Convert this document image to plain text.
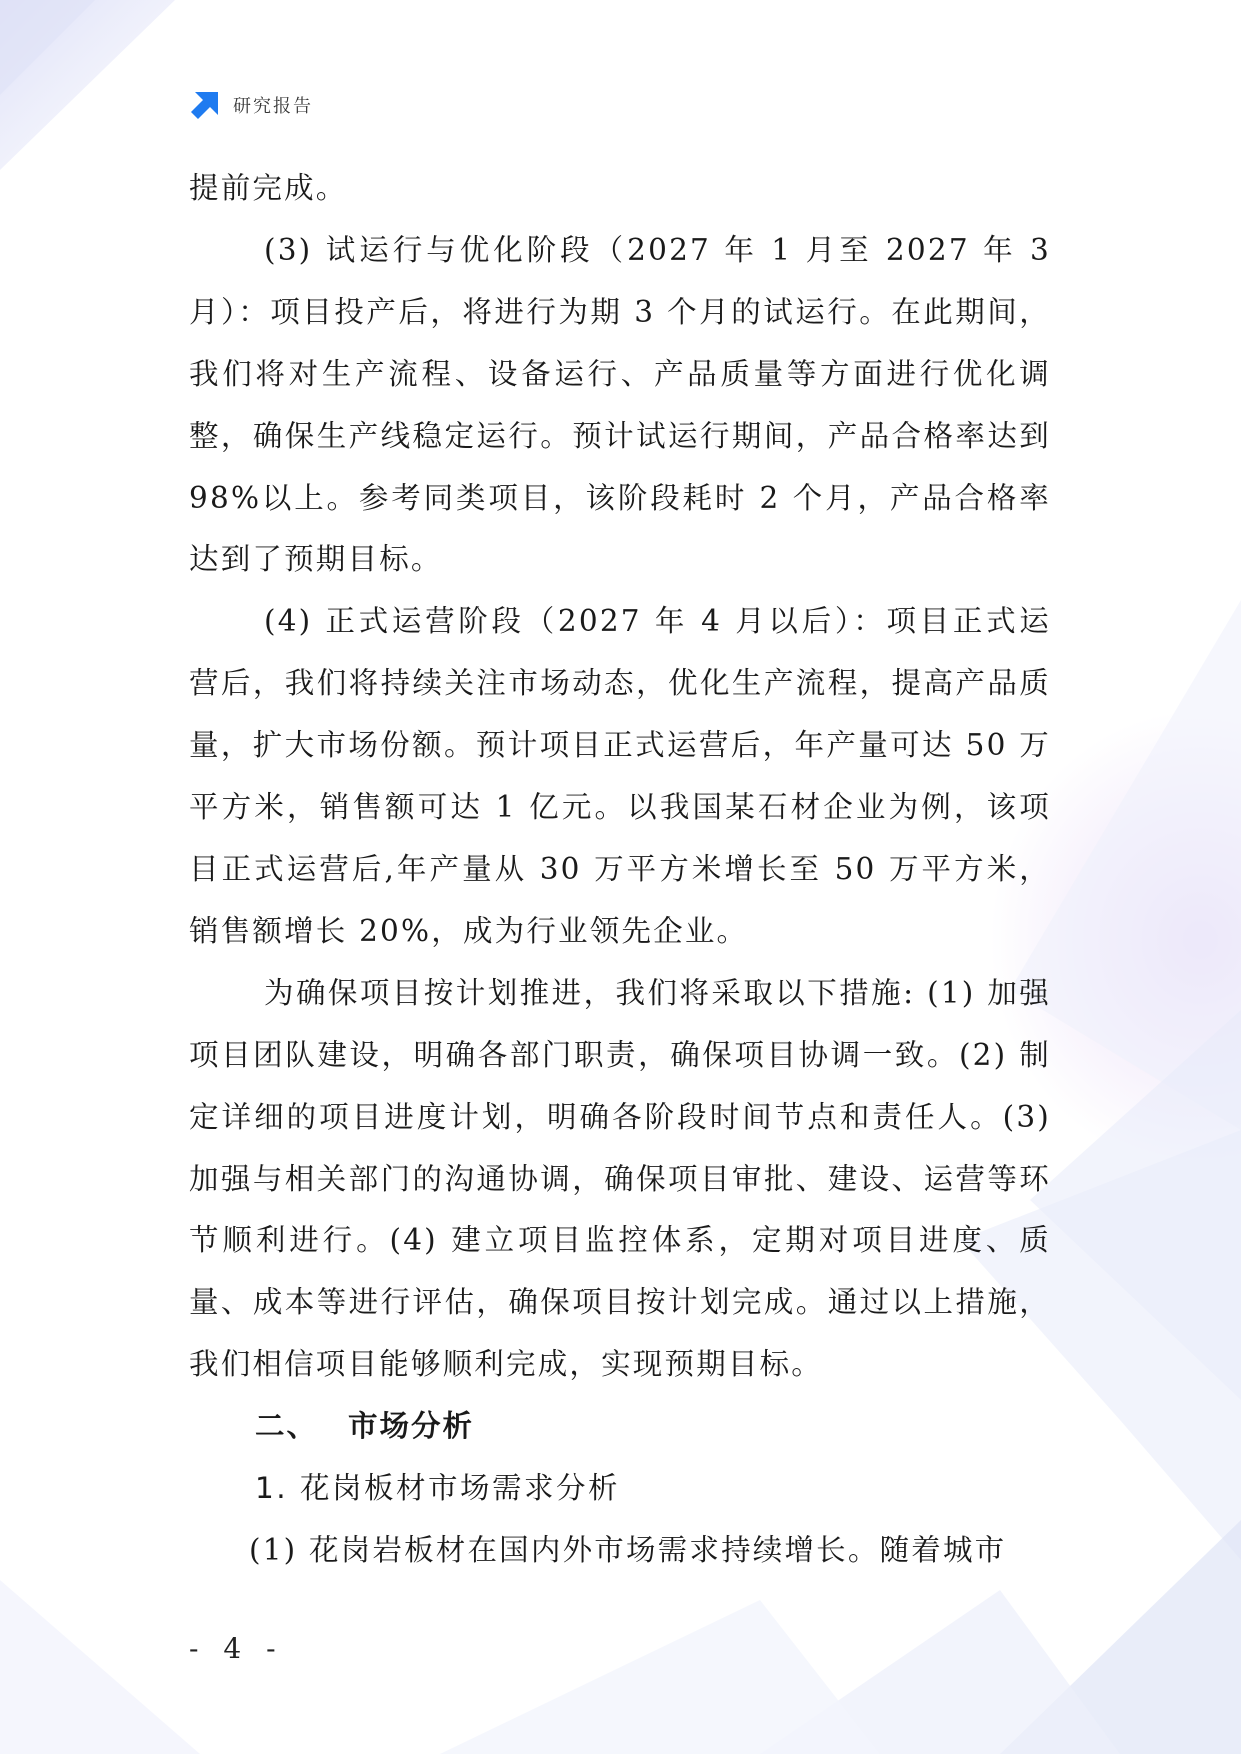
研究报告

提前完成。

(3) 试运行与优化阶段（2027 年 1 月至 2027 年 3 月）：项目投产后，将进行为期 3 个月的试运行。在此期间，我们将对生产流程、设备运行、产品质量等方面进行优化调整，确保生产线稳定运行。预计试运行期间，产品合格率达到 98%以上。参考同类项目，该阶段耗时 2 个月，产品合格率达到了预期目标。

(4) 正式运营阶段（2027 年 4 月以后）：项目正式运营后，我们将持续关注市场动态，优化生产流程，提高产品质量，扩大市场份额。预计项目正式运营后，年产量可达 50 万平方米，销售额可达 1 亿元。以我国某石材企业为例，该项目正式运营后,年产量从 30 万平方米增长至 50 万平方米，销售额增长 20%，成为行业领先企业。

为确保项目按计划推进，我们将采取以下措施: (1) 加强项目团队建设，明确各部门职责，确保项目协调一致。(2) 制定详细的项目进度计划，明确各阶段时间节点和责任人。(3) 加强与相关部门的沟通协调，确保项目审批、建设、运营等环节顺利进行。(4) 建立项目监控体系，定期对项目进度、质量、成本等进行评估，确保项目按计划完成。通过以上措施，我们相信项目能够顺利完成，实现预期目标。

二、 市场分析

1. 花岗板材市场需求分析

(1) 花岗岩板材在国内外市场需求持续增长。随着城市

- 4 -
